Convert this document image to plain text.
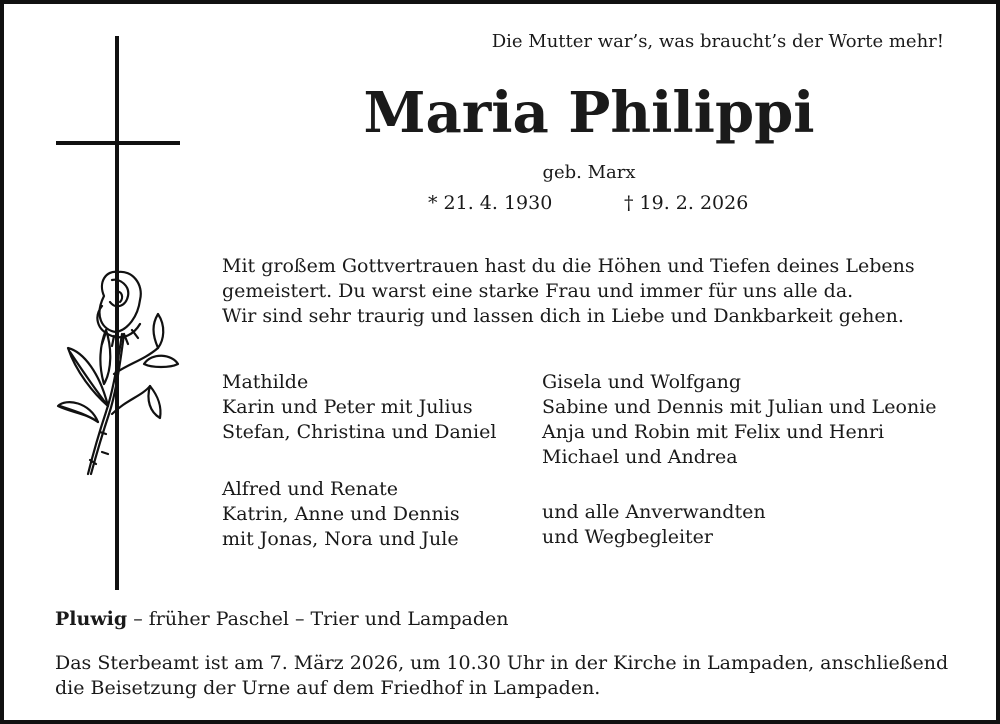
Die Mutter war’s, was braucht’s der Worte mehr!
Maria Philippi
geb. Marx
* 21. 4. 1930	† 19. 2. 2026
Mit großem Gottvertrauen hast du die Höhen und Tiefen deines Lebens
gemeistert. Du warst eine starke Frau und immer für uns alle da.
Wir sind sehr traurig und lassen dich in Liebe und Dankbarkeit gehen.
Mathilde
Karin und Peter mit Julius
Stefan, Christina und Daniel
Alfred und Renate
Katrin, Anne und Dennis
mit Jonas, Nora und Jule
Gisela und Wolfgang
Sabine und Dennis mit Julian und Leonie
Anja und Robin mit Felix und Henri
Michael und Andrea
und alle Anverwandten
und Wegbegleiter
Pluwig – früher Paschel – Trier und Lampaden
Das Sterbeamt ist am 7. März 2026, um 10.30 Uhr in der Kirche in Lampaden, anschließend
die Beisetzung der Urne auf dem Friedhof in Lampaden.
